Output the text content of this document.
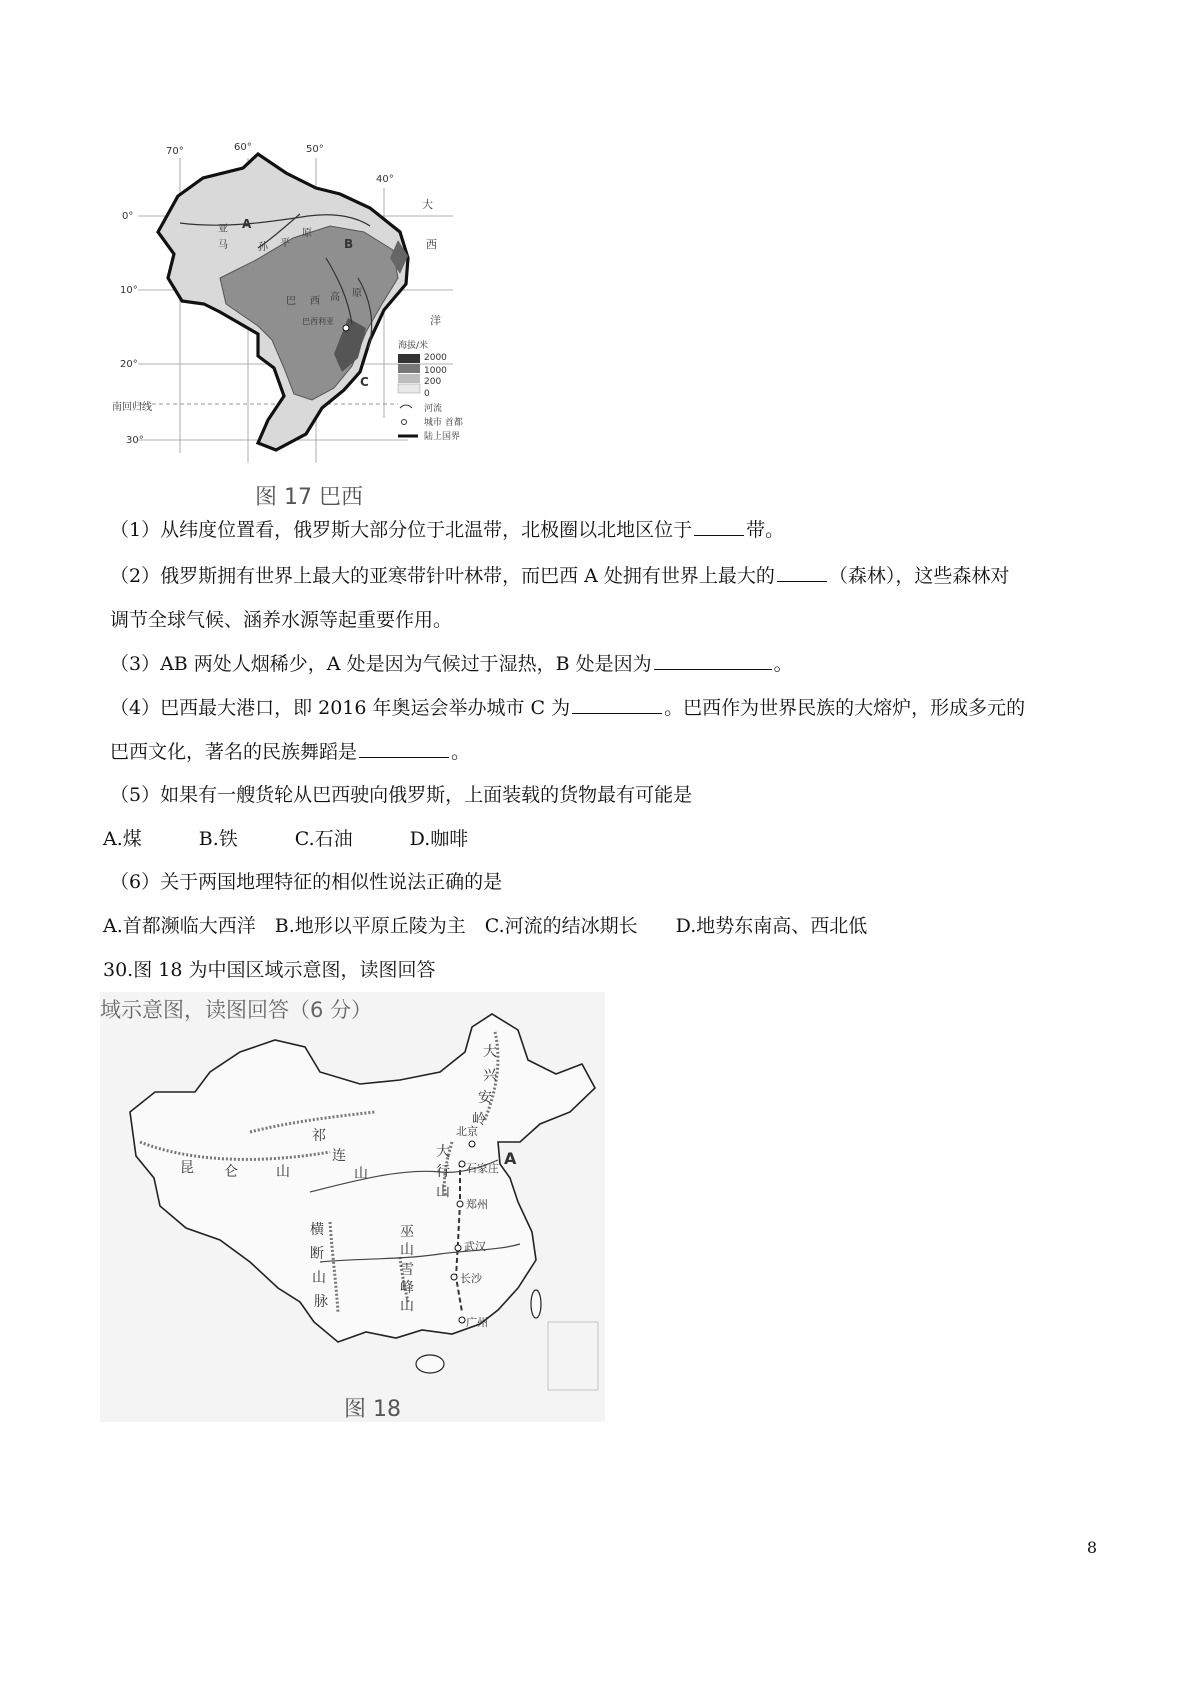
70°	60°	50°
40°
0°
10°
20°
30°
南回归线
大
西
洋
亚
马	孙 平
原
巴 西 高 原
A
B
C
巴西利亚
海拔/米
2000
1000
200
0
河流
城市 首都
陆上国界
图 17 巴西
（1）从纬度位置看，俄罗斯大部分位于北温带，北极圈以北地区位于	带。
（2）俄罗斯拥有世界上最大的亚寒带针叶林带，而巴西 A 处拥有世界上最大的	（森林），这些森林对
调节全球气候、涵养水源等起重要作用。
（3）AB 两处人烟稀少，A 处是因为气候过于湿热，B 处是因为	。
（4）巴西最大港口，即 2016 年奥运会举办城市 C 为	。巴西作为世界民族的大熔炉，形成多元的
巴西文化，著名的民族舞蹈是	。
（5）如果有一艘货轮从巴西驶向俄罗斯，上面装载的货物最有可能是
A.煤　　　B.铁　　　C.石油　　　D.咖啡
（6）关于两国地理特征的相似性说法正确的是
A.首都濒临大西洋　B.地形以平原丘陵为主　C.河流的结冰期长　　D.地势东南高、西北低
30.图 18 为中国区域示意图，读图回答
域示意图，读图回答（6 分）
大
兴
安
岭
祁
连
山
昆 仑	山
大
行
山
横
断
山
脉
巫
山
雪
峰
山
北京
石家庄
郑州
武汉
长沙
广州
A
图 18
8
